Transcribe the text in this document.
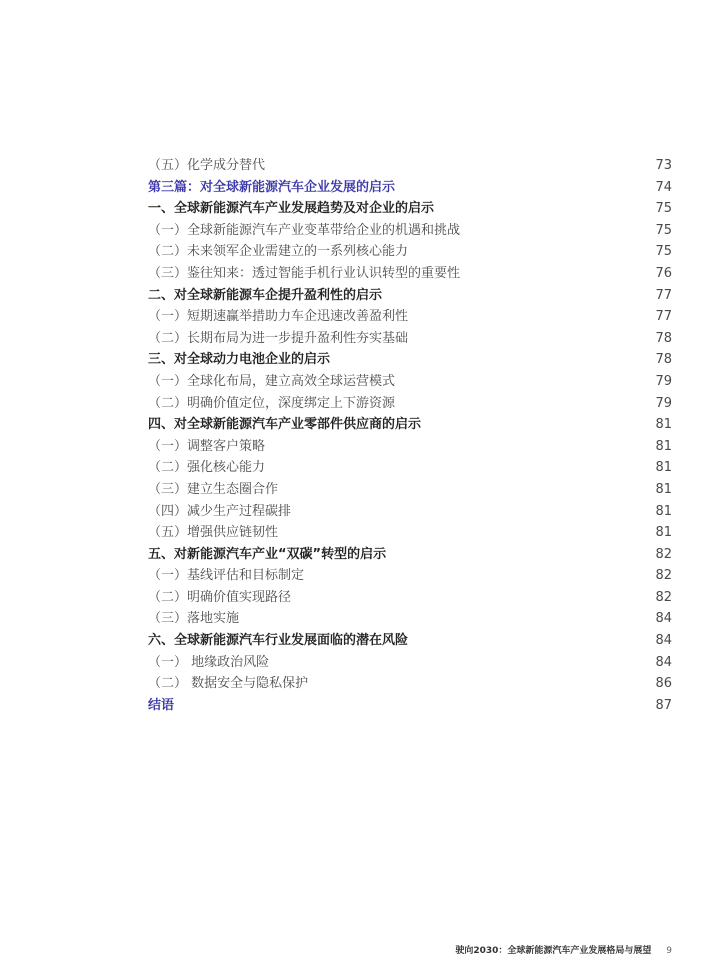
（五）化学成分替代	73
第三篇：对全球新能源汽车企业发展的启示	74
一、全球新能源汽车产业发展趋势及对企业的启示	75
（一）全球新能源汽车产业变革带给企业的机遇和挑战	75
（二）未来领军企业需建立的一系列核心能力	75
（三）鉴往知来：透过智能手机行业认识转型的重要性	76
二、对全球新能源车企提升盈利性的启示	77
（一）短期速赢举措助力车企迅速改善盈利性	77
（二）长期布局为进一步提升盈利性夯实基础	78
三、对全球动力电池企业的启示	78
（一）全球化布局，建立高效全球运营模式	79
（二）明确价值定位，深度绑定上下游资源	79
四、对全球新能源汽车产业零部件供应商的启示	81
（一）调整客户策略	81
（二）强化核心能力	81
（三）建立生态圈合作	81
（四）减少生产过程碳排	81
（五）增强供应链韧性	81
五、对新能源汽车产业“双碳”转型的启示	82
（一）基线评估和目标制定	82
（二）明确价值实现路径	82
（三）落地实施	84
六、全球新能源汽车行业发展面临的潜在风险	84
（一） 地缘政治风险	84
（二） 数据安全与隐私保护	86
结语	87
驶向2030：全球新能源汽车产业发展格局与展望 9
